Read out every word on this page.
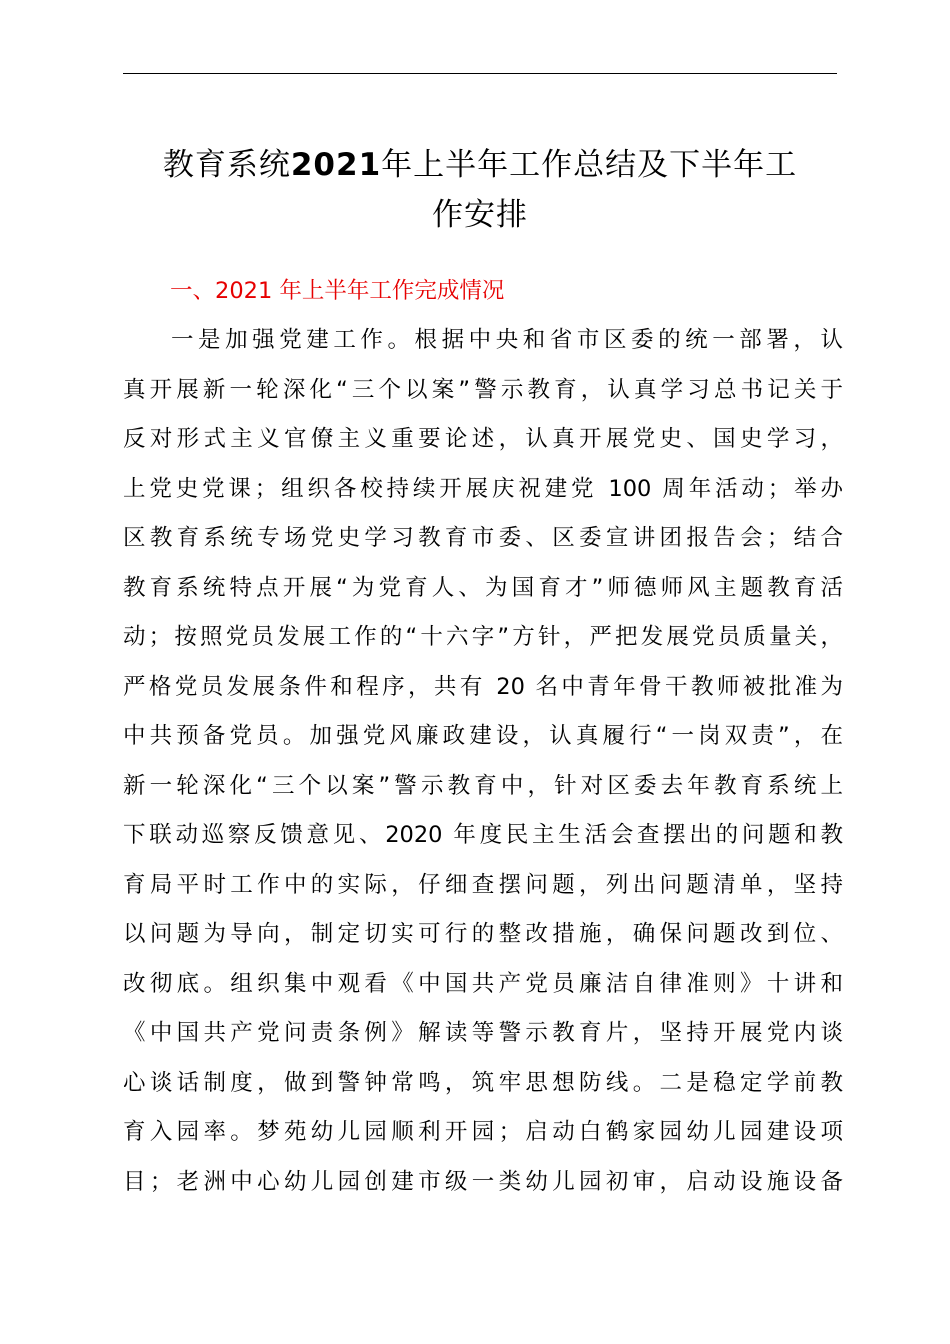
教育系统2021年上半年工作总结及下半年工
作安排
一、2021 年上半年工作完成情况
一是加强党建工作。根据中央和省市区委的统一部署，认
真开展新一轮深化“三个以案”警示教育，认真学习总书记关于
反对形式主义官僚主义重要论述，认真开展党史、国史学习，
上党史党课；组织各校持续开展庆祝建党 100 周年活动；举办
区教育系统专场党史学习教育市委、区委宣讲团报告会；结合
教育系统特点开展“为党育人、为国育才”师德师风主题教育活
动；按照党员发展工作的“十六字”方针，严把发展党员质量关，
严格党员发展条件和程序，共有 20 名中青年骨干教师被批准为
中共预备党员。加强党风廉政建设，认真履行“一岗双责”，在
新一轮深化“三个以案”警示教育中，针对区委去年教育系统上
下联动巡察反馈意见、2020 年度民主生活会查摆出的问题和教
育局平时工作中的实际，仔细查摆问题，列出问题清单，坚持
以问题为导向，制定切实可行的整改措施，确保问题改到位、
改彻底。组织集中观看《中国共产党员廉洁自律准则》十讲和
《中国共产党问责条例》解读等警示教育片，坚持开展党内谈
心谈话制度，做到警钟常鸣，筑牢思想防线。二是稳定学前教
育入园率。梦苑幼儿园顺利开园；启动白鹤家园幼儿园建设项
目；老洲中心幼儿园创建市级一类幼儿园初审，启动设施设备
